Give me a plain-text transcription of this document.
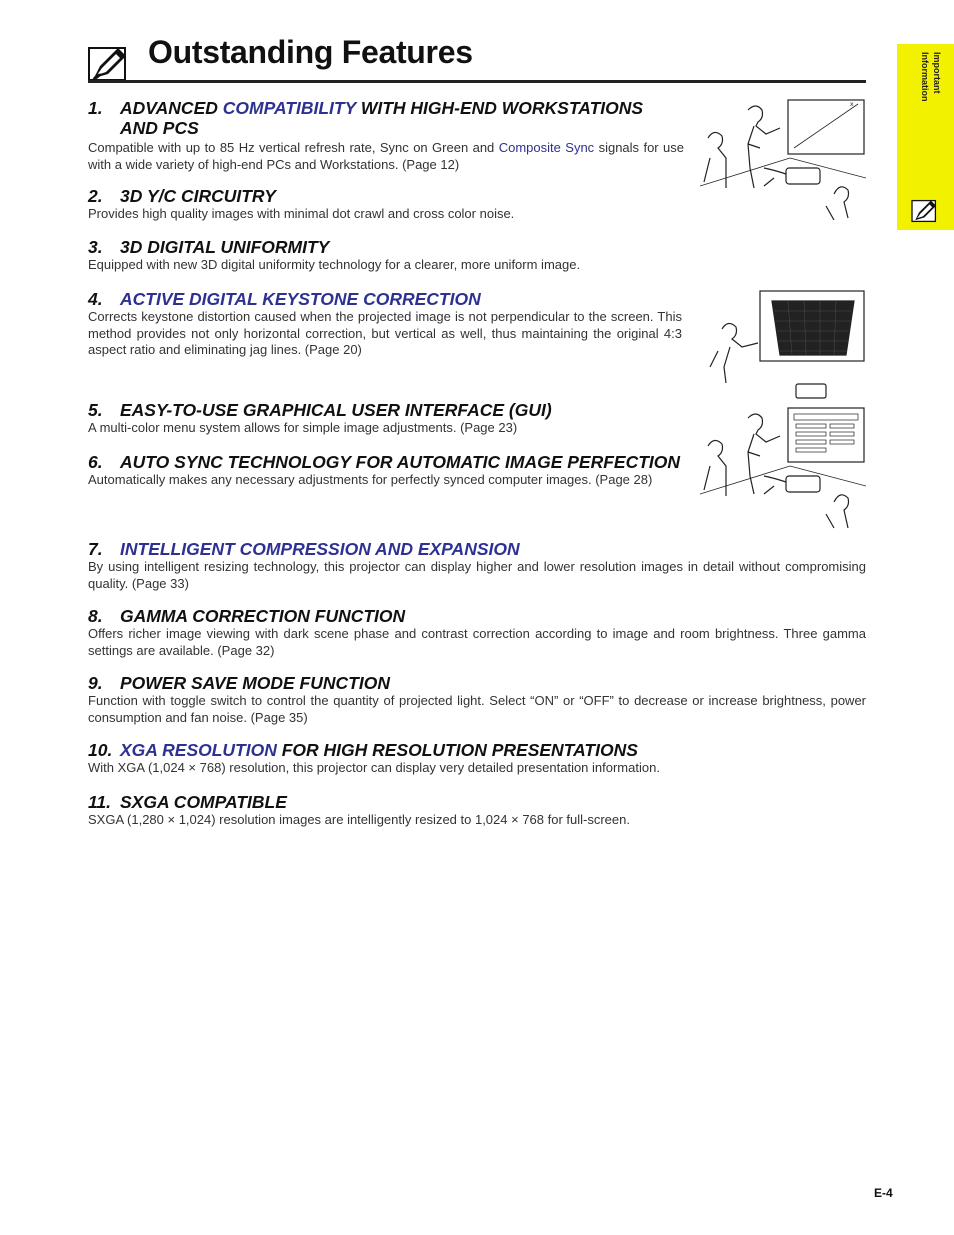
Outstanding Features	Important
Information
1. ADVANCED COMPATIBILITY WITH HIGH-END WORKSTATIONS AND PCS

Compatible with up to 85 Hz vertical refresh rate, Sync on Green and Composite Sync signals for use with a wide variety of high-end PCs and Workstations. (Page 12)

2. 3D Y/C CIRCUITRY

Provides high quality images with minimal dot crawl and cross color noise.

3. 3D DIGITAL UNIFORMITY

Equipped with new 3D digital uniformity technology for a clearer, more uniform image.

4. ACTIVE DIGITAL KEYSTONE CORRECTION

Corrects keystone distortion caused when the projected image is not perpendicular to the screen. This method provides not only horizontal correction, but vertical as well, thus maintaining the original 4:3 aspect ratio and eliminating jag lines. (Page 20)

5. EASY-TO-USE GRAPHICAL USER INTERFACE (GUI)

A multi-color menu system allows for simple image adjustments. (Page 23)

6. AUTO SYNC TECHNOLOGY FOR AUTOMATIC IMAGE PERFECTION

Automatically makes any necessary adjustments for perfectly synced computer images. (Page 28)

7. INTELLIGENT COMPRESSION AND EXPANSION

By using intelligent resizing technology, this projector can display higher and lower resolution images in detail without compromising quality. (Page 33)

8. GAMMA CORRECTION FUNCTION

Offers richer image viewing with dark scene phase and contrast correction according to image and room brightness. Three gamma settings are available. (Page 32)

9. POWER SAVE MODE FUNCTION

Function with toggle switch to control the quantity of projected light. Select “ON” or “OFF” to decrease or increase brightness, power consumption and fan noise. (Page 35)

10. XGA RESOLUTION FOR HIGH RESOLUTION PRESENTATIONS

With XGA (1,024 × 768) resolution, this projector can display very detailed presentation information.

11. SXGA COMPATIBLE

SXGA (1,280 × 1,024) resolution images are intelligently resized to 1,024 × 768 for full-screen.

x
E-4
